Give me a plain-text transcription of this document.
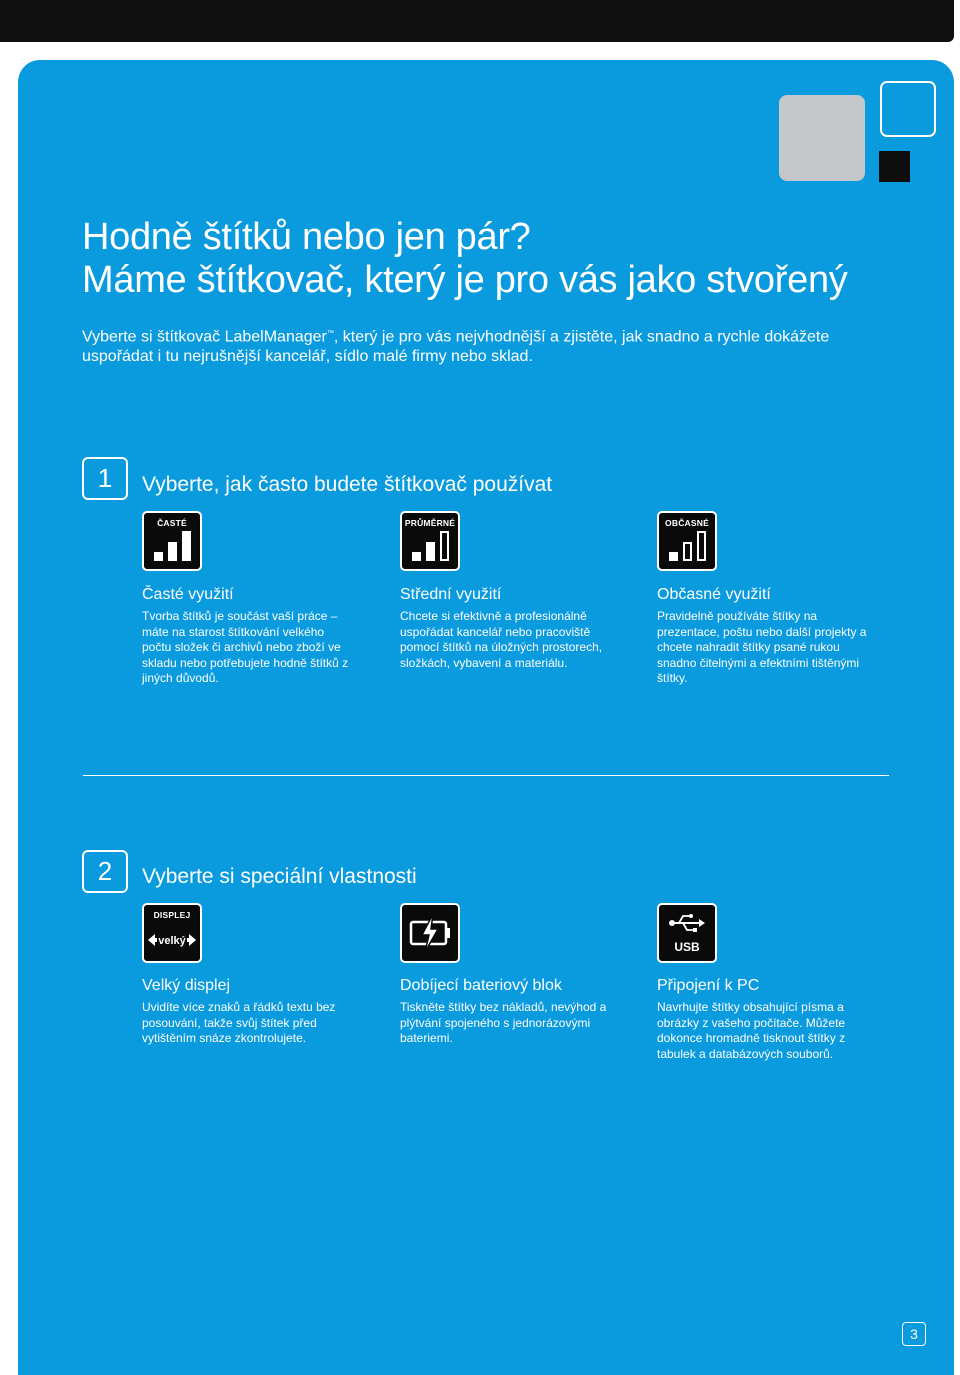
Hodně štítků nebo jen pár?
Máme štítkovač, který je pro vás jako stvořený

Vyberte si štítkovač LabelManager™, který je pro vás nejvhodnější a zjistěte, jak snadno a rychle dokážete uspořádat i tu nejrušnější kancelář, sídlo malé firmy nebo sklad.

1	Vyberte, jak často budete štítkovač používat
ČASTÉ
Časté využití

Tvorba štítků je součást vaší práce – máte na starost štítkování velkého počtu složek či archivů nebo zboží ve skladu nebo potřebujete hodně štítků z jiných důvodů.

PRŮMĚRNÉ
Střední využití

Chcete si efektivně a profesionálně uspořádat kancelář nebo pracoviště pomocí štítků na úložných prostorech, složkách, vybavení a materiálu.

OBČASNÉ
Občasné využití

Pravidelně používáte štítky na prezentace, poštu nebo další projekty a chcete nahradit štítky psané rukou snadno čitelnými a efektními tištěnými štítky.

2	Vyberte si speciální vlastnosti
DISPLEJ
velký
Velký displej

Uvidíte více znaků a řádků textu bez posouvání, takže svůj štítek před vytištěním snáze zkontrolujete.

Dobíjecí bateriový blok

Tiskněte štítky bez nákladů, nevýhod a plýtvání spojeného s jednorázovými bateriemi.

USB
Připojení k PC

Navrhujte štítky obsahující písma a obrázky z vašeho počítače. Můžete dokonce hromadně tisknout štítky z tabulek a databázových souborů.

3
